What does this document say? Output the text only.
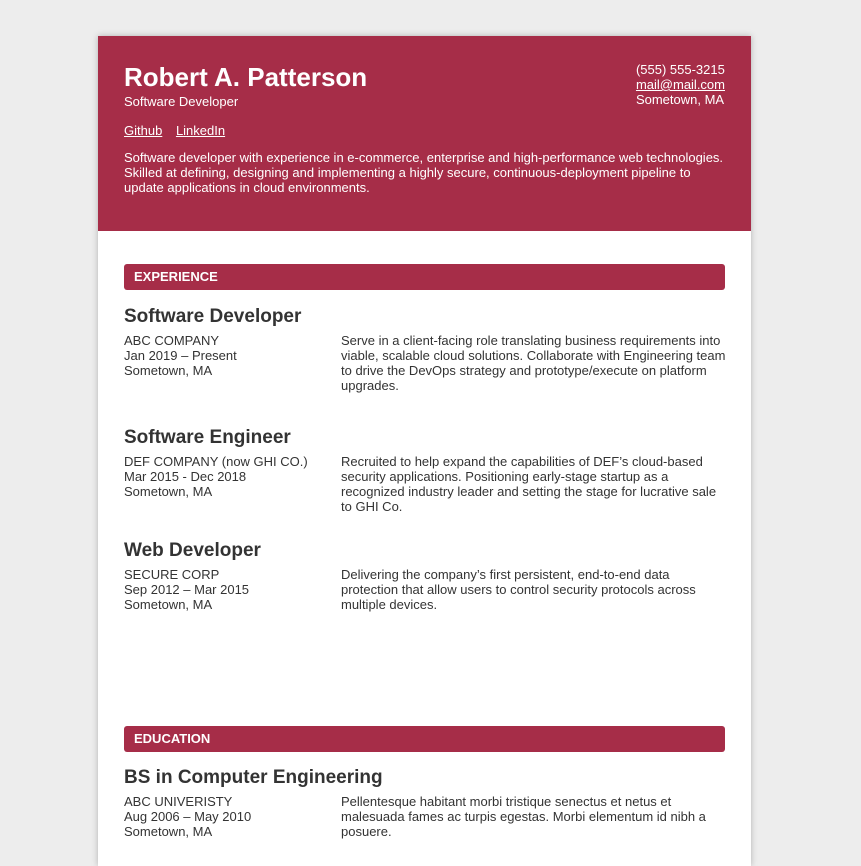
Robert A. Patterson
Software Developer
(555) 555-3215
mail@mail.com
Sometown, MA
Github LinkedIn
Software developer with experience in e-commerce, enterprise and high-performance web technologies. Skilled at defining, designing and implementing a highly secure, continuous-deployment pipeline to update applications in cloud environments.
EXPERIENCE
Software Developer
ABC COMPANY
Jan 2019 – Present
Sometown, MA
Serve in a client-facing role translating business requirements into viable, scalable cloud solutions. Collaborate with Engineering team to drive the DevOps strategy and prototype/execute on platform upgrades.
Software Engineer
DEF COMPANY (now GHI CO.)
Mar 2015 - Dec 2018
Sometown, MA
Recruited to help expand the capabilities of DEF’s cloud-based security applications. Positioning early-stage startup as a recognized industry leader and setting the stage for lucrative sale to GHI Co.
Web Developer
SECURE CORP
Sep 2012 – Mar 2015
Sometown, MA
Delivering the company’s first persistent, end-to-end data protection that allow users to control security protocols across multiple devices.
EDUCATION
BS in Computer Engineering
ABC UNIVERISTY
Aug 2006 – May 2010
Sometown, MA
Pellentesque habitant morbi tristique senectus et netus et malesuada fames ac turpis egestas. Morbi elementum id nibh a posuere.
